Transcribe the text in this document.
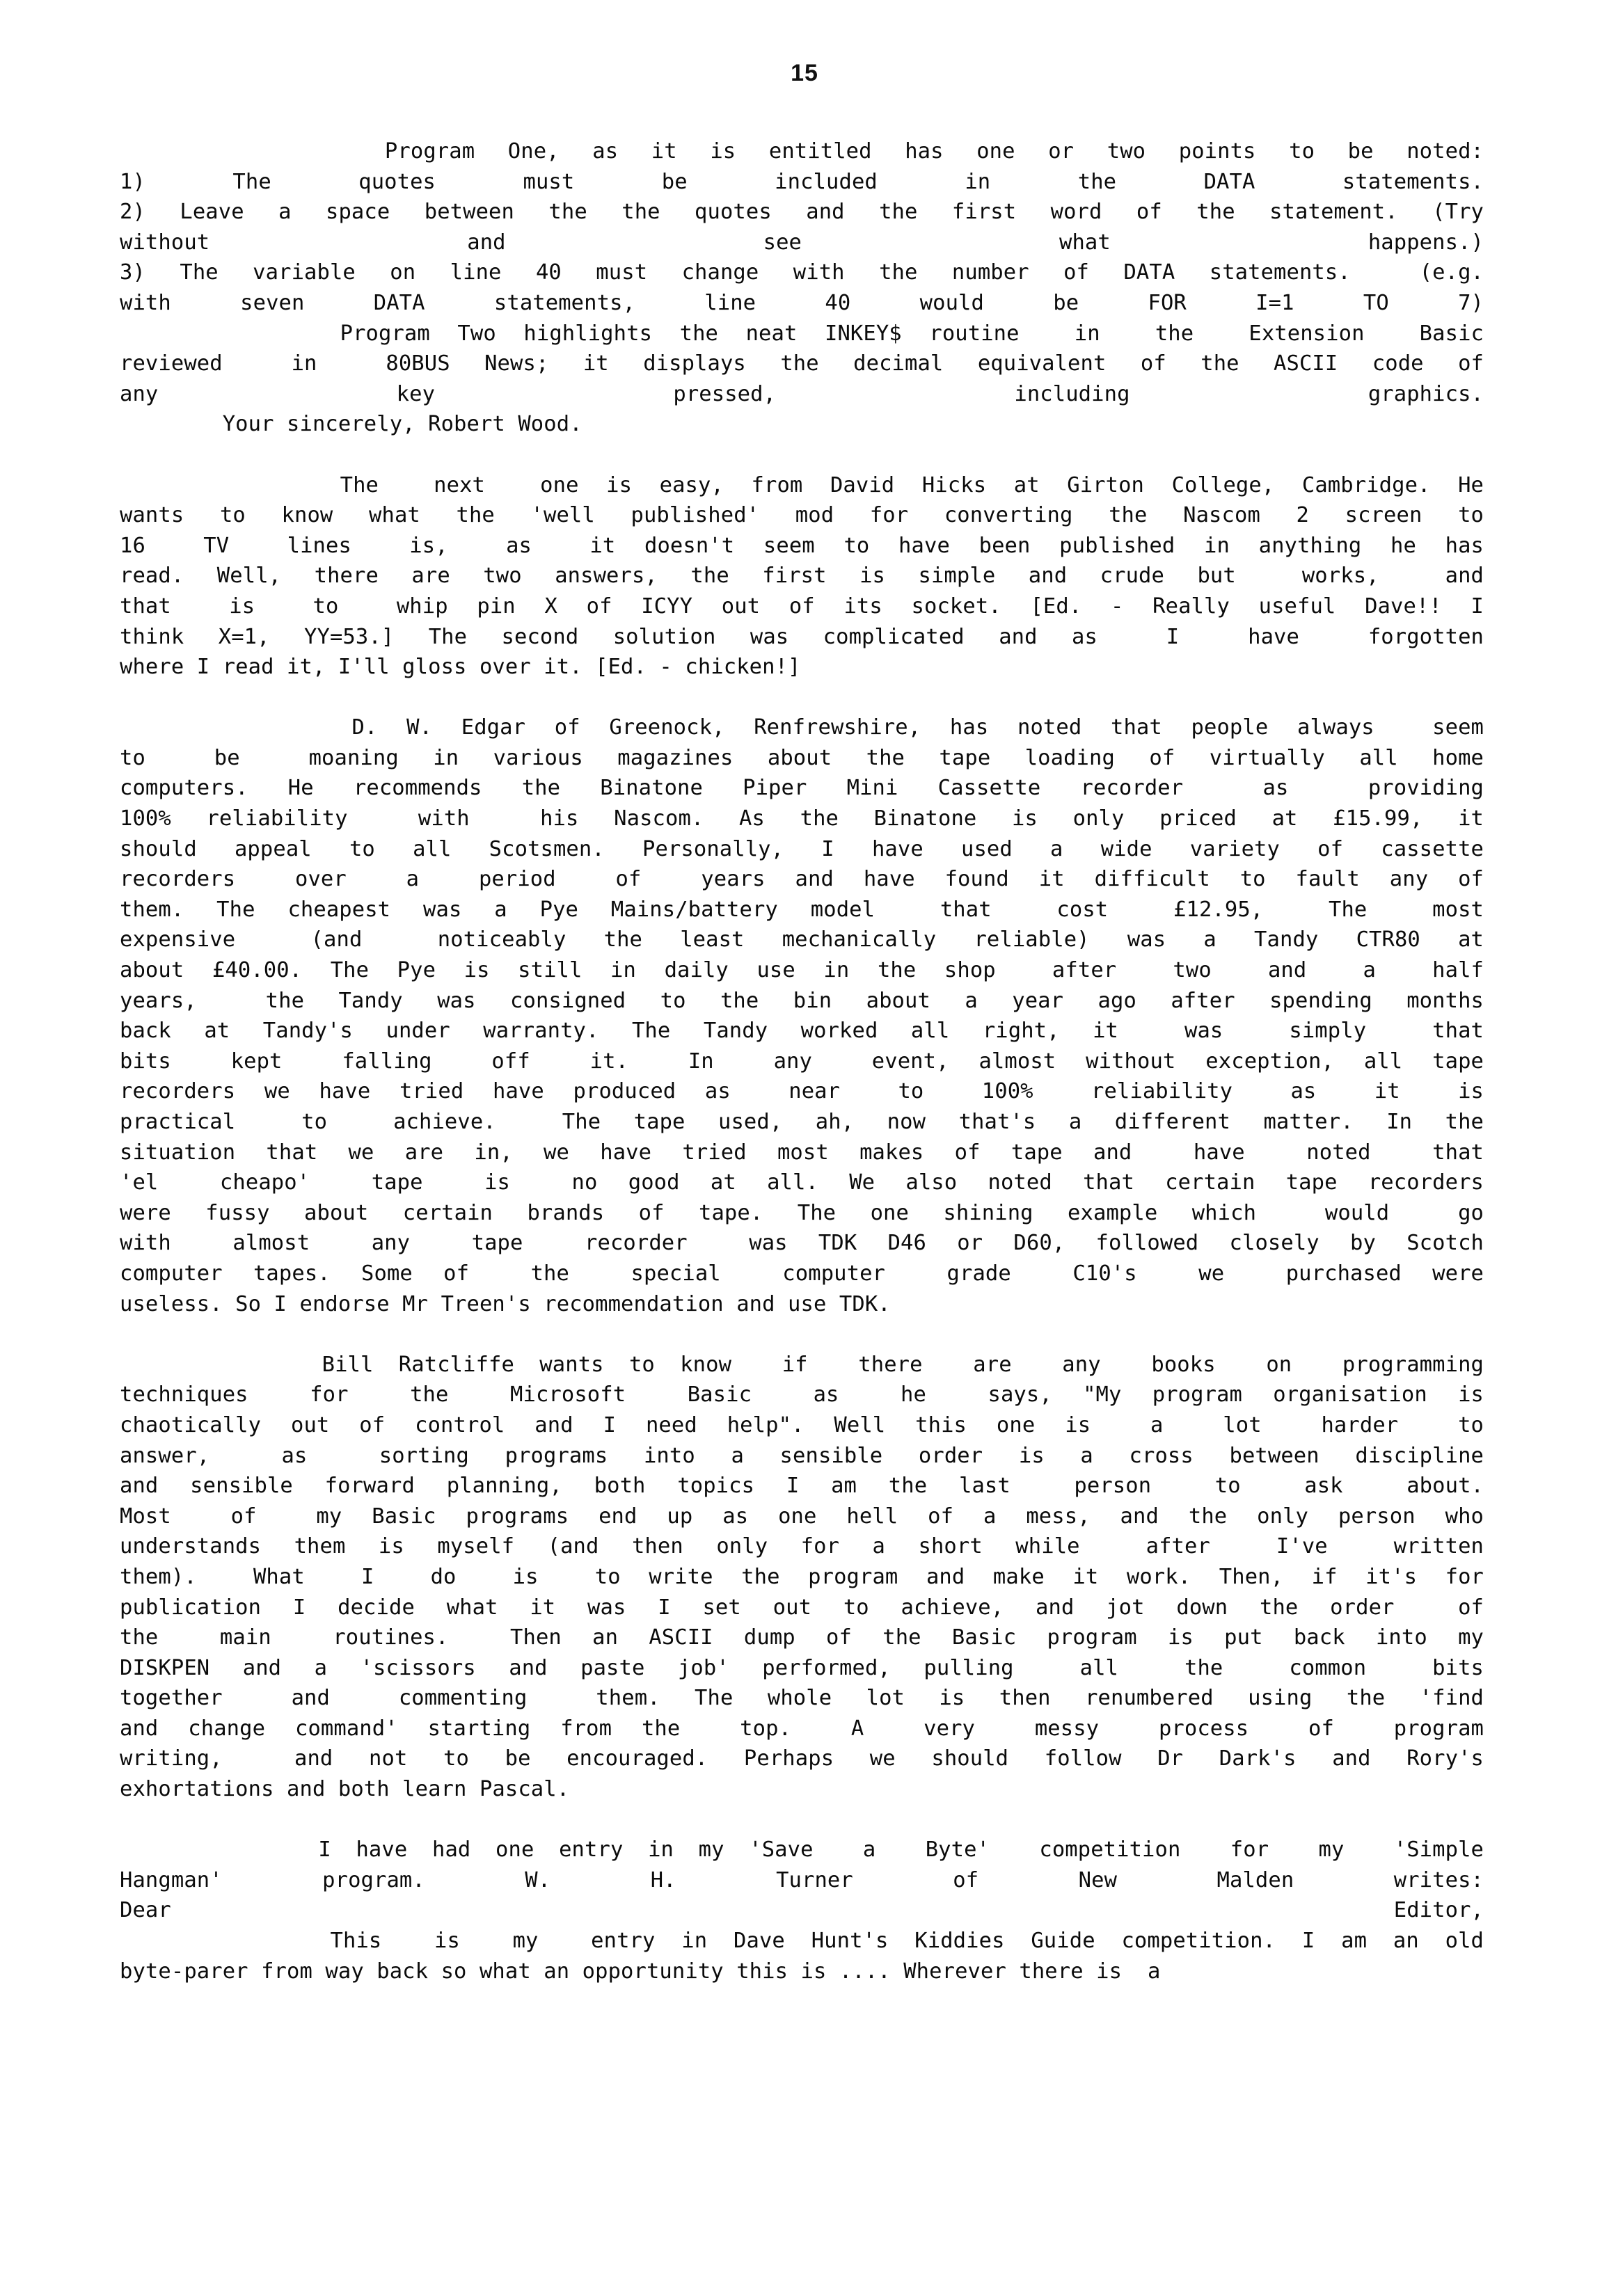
15
Program One, as it is entitled has one or two points to be noted:
1) The quotes must be included in the DATA statements.
2) Leave a space between the the quotes and the first word of the statement. (Try
without and see what happens.)
3) The variable on line 40 must change with the number of DATA statements.  (e.g.
with seven DATA statements, line 40 would be FOR I=1 TO 7)
Program Two highlights the neat INKEY$ routine  in  the  Extension  Basic
reviewed  in  80BUS News; it displays the decimal equivalent of the ASCII code of
any key pressed, including graphics.
Your sincerely, Robert Wood.
The  next  one is easy, from David Hicks at Girton College, Cambridge. He
wants to know what the 'well published' mod for converting the Nascom 2 screen to
16  TV  lines  is,  as  it doesn't seem to have been published in anything he has
read. Well, there are two answers, the first is simple and crude but  works,  and
that  is  to  whip pin X of ICYY out of its socket. [Ed. - Really useful Dave!! I
think X=1, YY=53.] The second solution was complicated and as  I  have  forgotten
where I read it, I'll gloss over it. [Ed. - chicken!]
D. W. Edgar of Greenock, Renfrewshire, has noted that people always  seem
to  be  moaning in various magazines about the tape loading of virtually all home
computers. He recommends the Binatone Piper Mini Cassette recorder  as  providing
100% reliability  with  his Nascom. As the Binatone is only priced at £15.99, it
should appeal to all Scotsmen. Personally, I have used a wide variety of cassette
recorders  over  a  period  of  years and have found it difficult to fault any of
them. The cheapest was a Pye Mains/battery model  that  cost  £12.95,  The  most
expensive  (and  noticeably the least mechanically reliable) was a Tandy CTR80 at
about £40.00. The Pye is still in daily use in the shop  after  two  and  a  half
years,  the Tandy was consigned to the bin about a year ago after spending months
back at Tandy's under warranty. The Tandy worked all right, it  was  simply  that
bits  kept  falling  off  it.  In  any  event, almost without exception, all tape
recorders we have tried have produced as  near  to  100%  reliability  as  it  is
practical  to  achieve.  The tape used, ah, now that's a different matter. In the
situation that we are in, we have tried most makes of tape and  have  noted  that
'el  cheapo'  tape  is  no good at all. We also noted that certain tape recorders
were fussy about certain brands of tape. The one shining example which  would  go
with  almost  any  tape  recorder  was TDK D46 or D60, followed closely by Scotch
computer tapes. Some of  the  special  computer  grade  C10's  we  purchased were
useless. So I endorse Mr Treen's recommendation and use TDK.
Bill Ratcliffe wants to know  if  there  are  any  books  on  programming
techniques  for  the  Microsoft  Basic  as  he  says, "My program organisation is
chaotically out of control and I need help". Well this one is  a  lot  harder  to
answer,  as  sorting programs into a sensible order is a cross between discipline
and sensible forward planning, both topics I am the last  person  to  ask  about.
Most  of  my Basic programs end up as one hell of a mess, and the only person who
understands them is myself (and then only for a short while  after  I've  written
them).  What  I  do  is  to write the program and make it work. Then, if it's for
publication I decide what it was I set out to achieve, and jot down the order  of
the  main  routines.  Then an ASCII dump of the Basic program is put back into my
DISKPEN and a 'scissors and paste job' performed, pulling  all  the  common  bits
together  and  commenting  them. The whole lot is then renumbered using the 'find
and change command' starting from the  top.  A  very  messy  process  of  program
writing,  and not to be encouraged. Perhaps we should follow Dr Dark's and Rory's
exhortations and both learn Pascal.
I have had one entry in my 'Save  a  Byte'  competition  for  my  'Simple
Hangman' program. W. H. Turner of New Malden writes:
Dear Editor,
This  is  my  entry in Dave Hunt's Kiddies Guide competition. I am an old
byte-parer from way back so what an opportunity this is .... Wherever there is  a
